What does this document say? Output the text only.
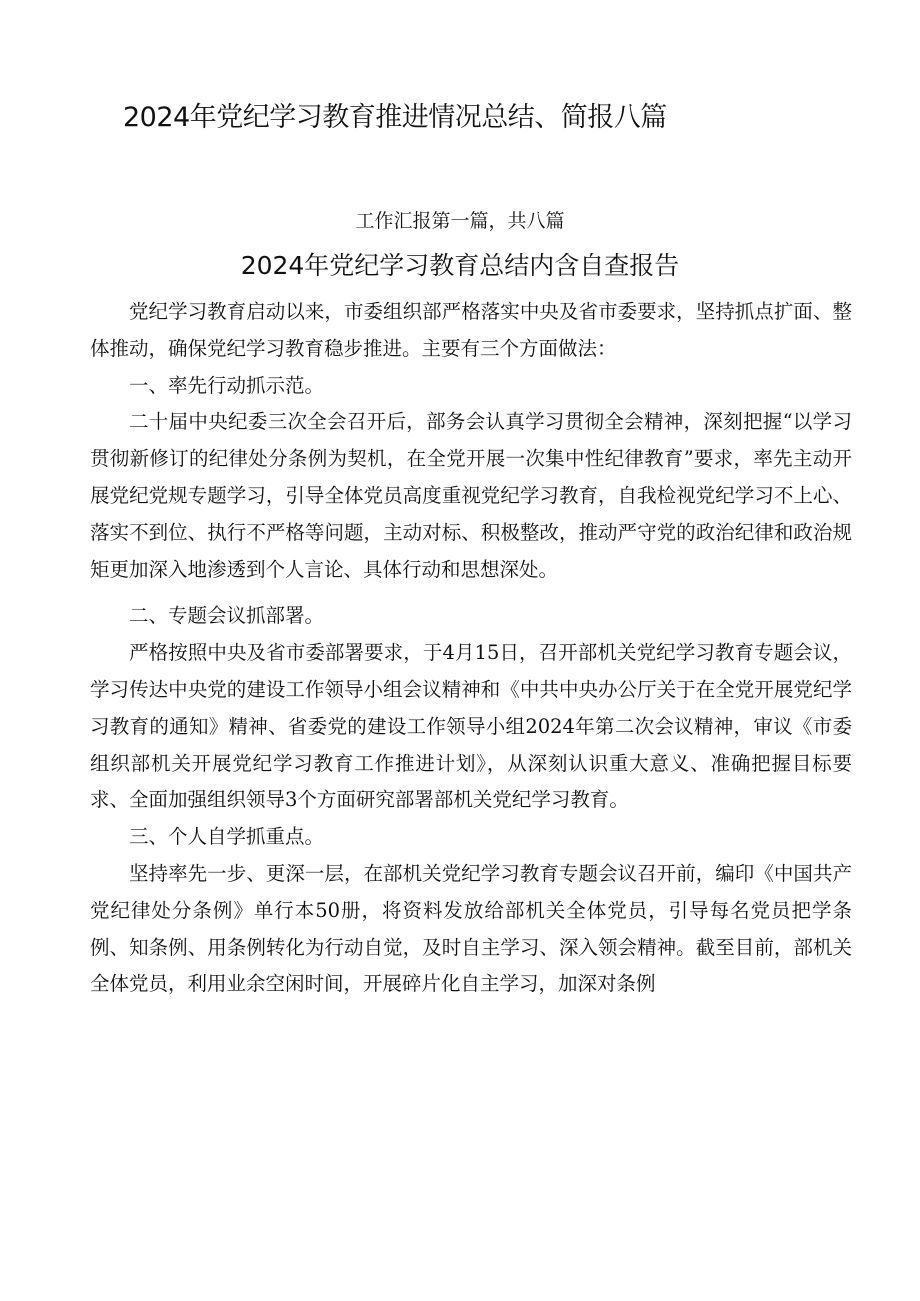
2024年党纪学习教育推进情况总结、简报八篇
工作汇报第一篇，共八篇
2024年党纪学习教育总结内含自查报告

党纪学习教育启动以来，市委组织部严格落实中央及省市委要求，坚持抓点扩面、整体推动，确保党纪学习教育稳步推进。主要有三个方面做法：

一、率先行动抓示范。

二十届中央纪委三次全会召开后，部务会认真学习贯彻全会精神，深刻把握“以学习贯彻新修订的纪律处分条例为契机，在全党开展一次集中性纪律教育”要求，率先主动开展党纪党规专题学习，引导全体党员高度重视党纪学习教育，自我检视党纪学习不上心、落实不到位、执行不严格等问题，主动对标、积极整改，推动严守党的政治纪律和政治规矩更加深入地渗透到个人言论、具体行动和思想深处。

二、专题会议抓部署。

严格按照中央及省市委部署要求，于4月15日，召开部机关党纪学习教育专题会议，学习传达中央党的建设工作领导小组会议精神和《中共中央办公厅关于在全党开展党纪学习教育的通知》精神、省委党的建设工作领导小组2024年第二次会议精神，审议《市委组织部机关开展党纪学习教育工作推进计划》，从深刻认识重大意义、准确把握目标要求、全面加强组织领导3个方面研究部署部机关党纪学习教育。

三、个人自学抓重点。

坚持率先一步、更深一层，在部机关党纪学习教育专题会议召开前，编印《中国共产党纪律处分条例》单行本50册，将资料发放给部机关全体党员，引导每名党员把学条例、知条例、用条例转化为行动自觉，及时自主学习、深入领会精神。截至目前，部机关全体党员，利用业余空闲时间，开展碎片化自主学习，加深对条例
